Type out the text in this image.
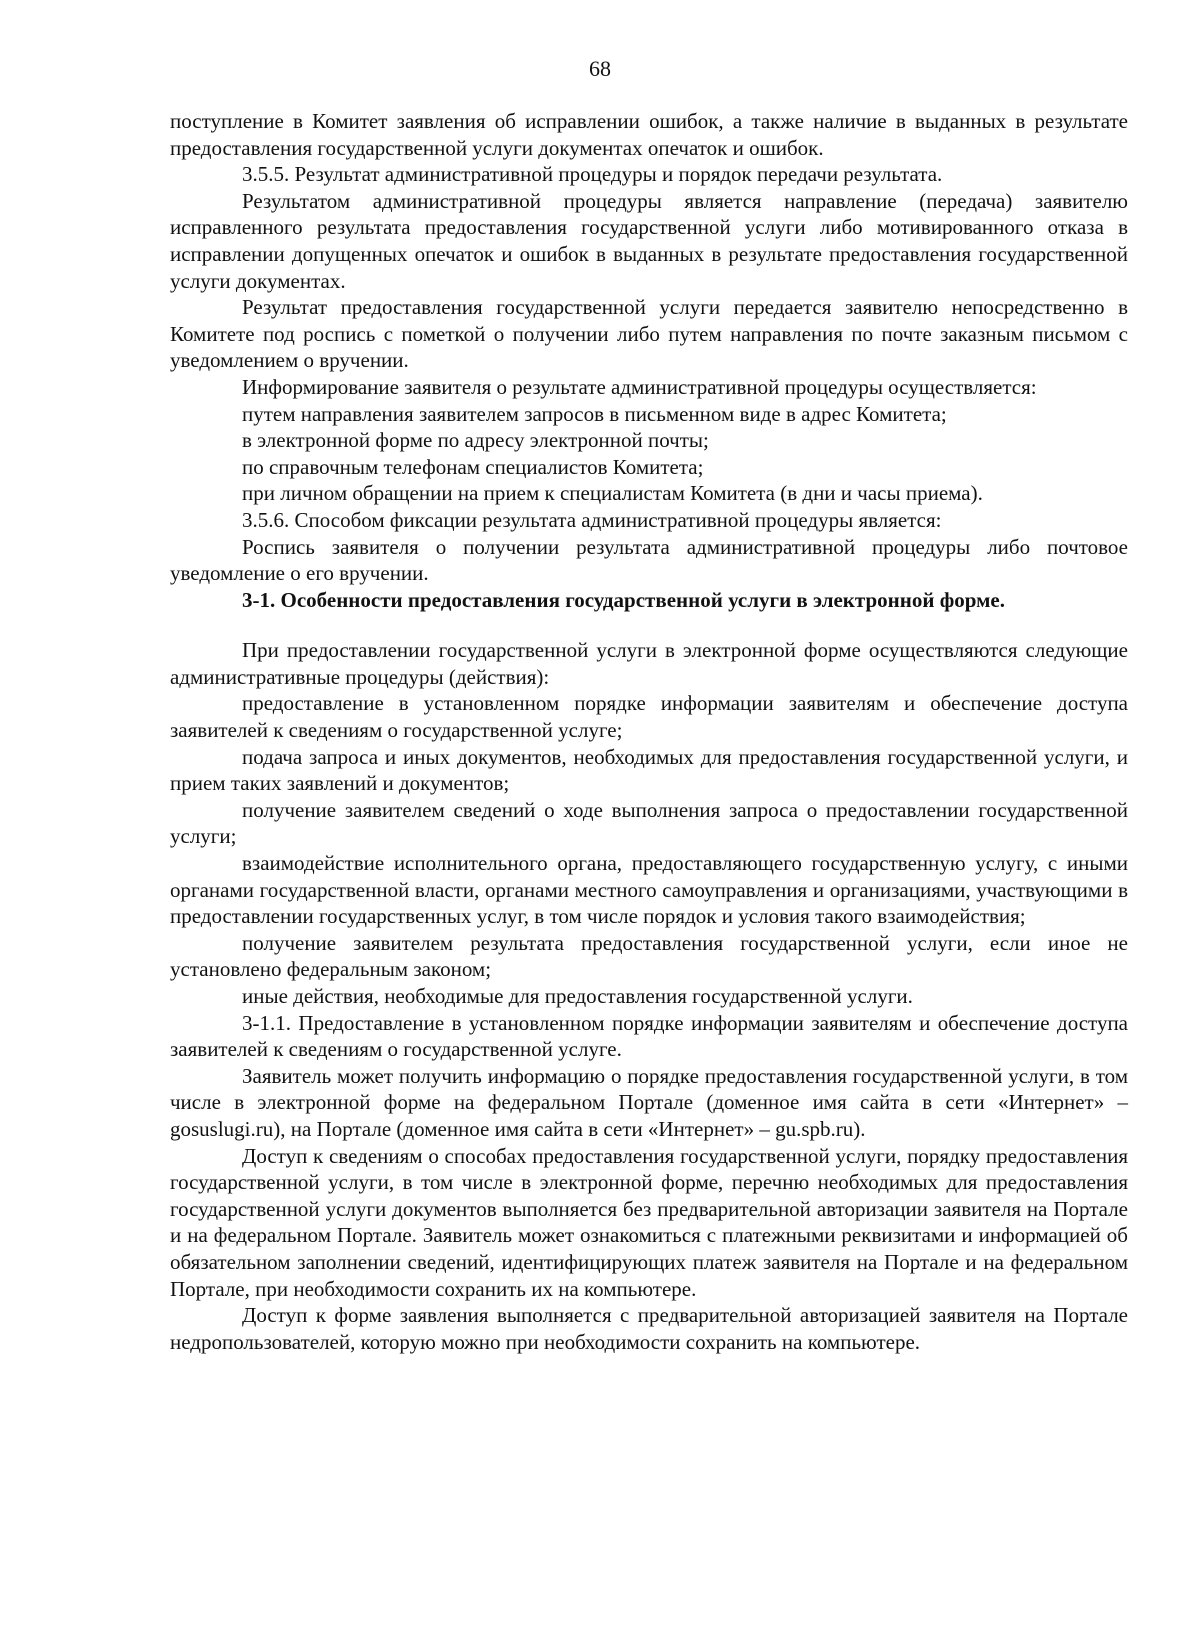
68

поступление в Комитет заявления об исправлении ошибок, а также наличие в выданных в результате предоставления государственной услуги документах опечаток и ошибок.

3.5.5. Результат административной процедуры и порядок передачи результата.

Результатом административной процедуры является направление (передача) заявителю исправленного результата предоставления государственной услуги либо мотивированного отказа в исправлении допущенных опечаток и ошибок в выданных в результате предоставления государственной услуги документах.

Результат предоставления государственной услуги передается заявителю непосредственно в Комитете под роспись с пометкой о получении либо путем направления по почте заказным письмом с уведомлением о вручении.

Информирование заявителя о результате административной процедуры осуществляется:

путем направления заявителем запросов в письменном виде в адрес Комитета;

в электронной форме по адресу электронной почты;

по справочным телефонам специалистов Комитета;

при личном обращении на прием к специалистам Комитета (в дни и часы приема).

3.5.6. Способом фиксации результата административной процедуры является:

Роспись заявителя о получении результата административной процедуры либо почтовое уведомление о его вручении.

3-1. Особенности предоставления государственной услуги в электронной форме.

При предоставлении государственной услуги в электронной форме осуществляются следующие административные процедуры (действия):

предоставление в установленном порядке информации заявителям и обеспечение доступа заявителей к сведениям о государственной услуге;

подача запроса и иных документов, необходимых для предоставления государственной услуги, и прием таких заявлений и документов;

получение заявителем сведений о ходе выполнения запроса о предоставлении государственной услуги;

взаимодействие исполнительного органа, предоставляющего государственную услугу, с иными органами государственной власти, органами местного самоуправления и организациями, участвующими в предоставлении государственных услуг, в том числе порядок и условия такого взаимодействия;

получение заявителем результата предоставления государственной услуги, если иное не установлено федеральным законом;

иные действия, необходимые для предоставления государственной услуги.

3-1.1. Предоставление в установленном порядке информации заявителям и обеспечение доступа заявителей к сведениям о государственной услуге.

Заявитель может получить информацию о порядке предоставления государственной услуги, в том числе в электронной форме на федеральном Портале (доменное имя сайта в сети «Интернет» – gosuslugi.ru), на Портале (доменное имя сайта в сети «Интернет» – gu.spb.ru).

Доступ к сведениям о способах предоставления государственной услуги, порядку предоставления государственной услуги, в том числе в электронной форме, перечню необходимых для предоставления государственной услуги документов выполняется без предварительной авторизации заявителя на Портале и на федеральном Портале. Заявитель может ознакомиться с платежными реквизитами и информацией об обязательном заполнении сведений, идентифицирующих платеж заявителя на Портале и на федеральном Портале, при необходимости сохранить их на компьютере.

Доступ к форме заявления выполняется с предварительной авторизацией заявителя на Портале недропользователей, которую можно при необходимости сохранить на компьютере.
